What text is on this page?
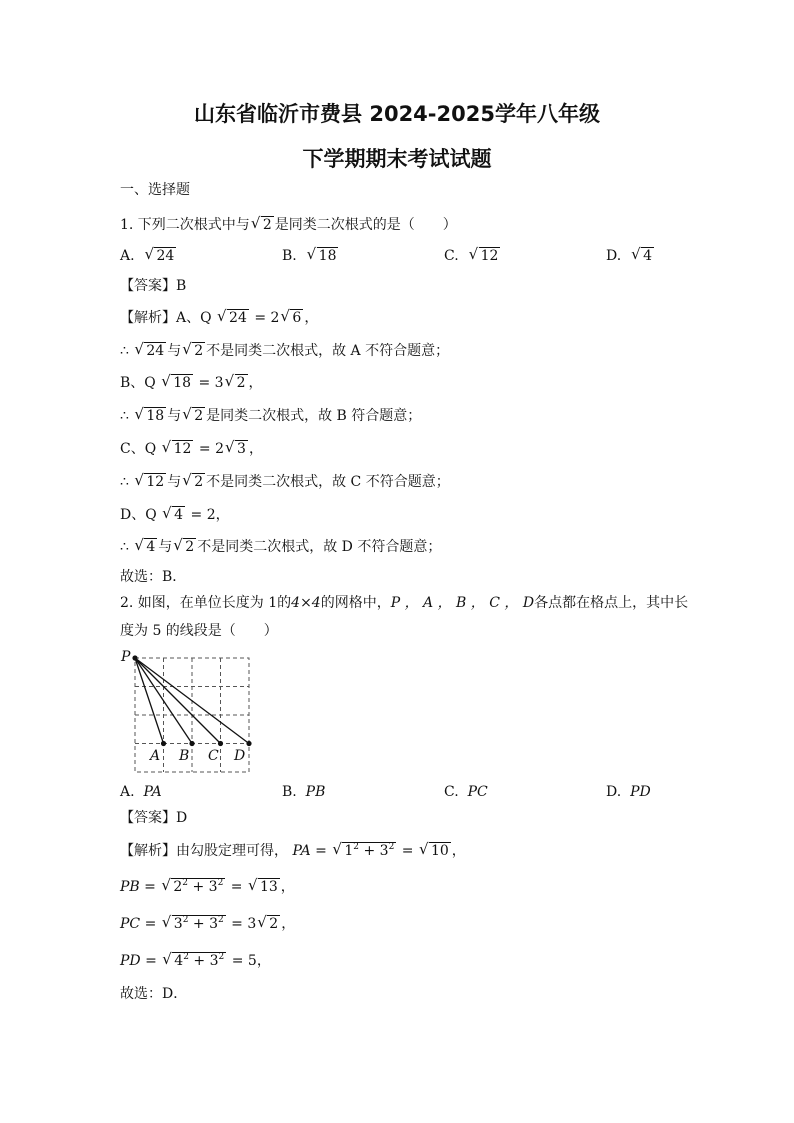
山东省临沂市费县 2024-2025学年八年级
下学期期末考试试题
一、选择题
1. 下列二次根式中与√ 2 是同类二次根式的是（　　）
A.  √ 24	B.  √ 18	C.  √ 12	D.  √ 4
【答案】B
【解析】A、Q √ 24 = 2√ 6 ，
∴ √ 24 与√ 2 不是同类二次根式，故 A 不符合题意；
B、Q √ 18 = 3√ 2 ，
∴ √ 18 与√ 2 是同类二次根式，故 B 符合题意；
C、Q √ 12 = 2√ 3 ，
∴ √ 12 与√ 2 不是同类二次根式，故 C 不符合题意；
D、Q √ 4 = 2，
∴ √ 4 与√ 2 不是同类二次根式，故 D 不符合题意；
故选：B．
2. 如图，在单位长度为 1的4×4的网格中，P ， A ， B ， C ， D各点都在格点上，其中长
度为 5 的线段是（　　）
P
A B C D
A. PA	B. PB	C. PC	D. PD
【答案】D
【解析】由勾股定理可得， PA = √ $1^2 + 3^2$ = √ 10 ，
PB = √ $2^2 + 3^2$ = √ 13 ，
PC = √ $3^2 + 3^2 = 3√$ 2 ，
PD = √ $4^2 + 3^2 = 5$，
故选：D．
